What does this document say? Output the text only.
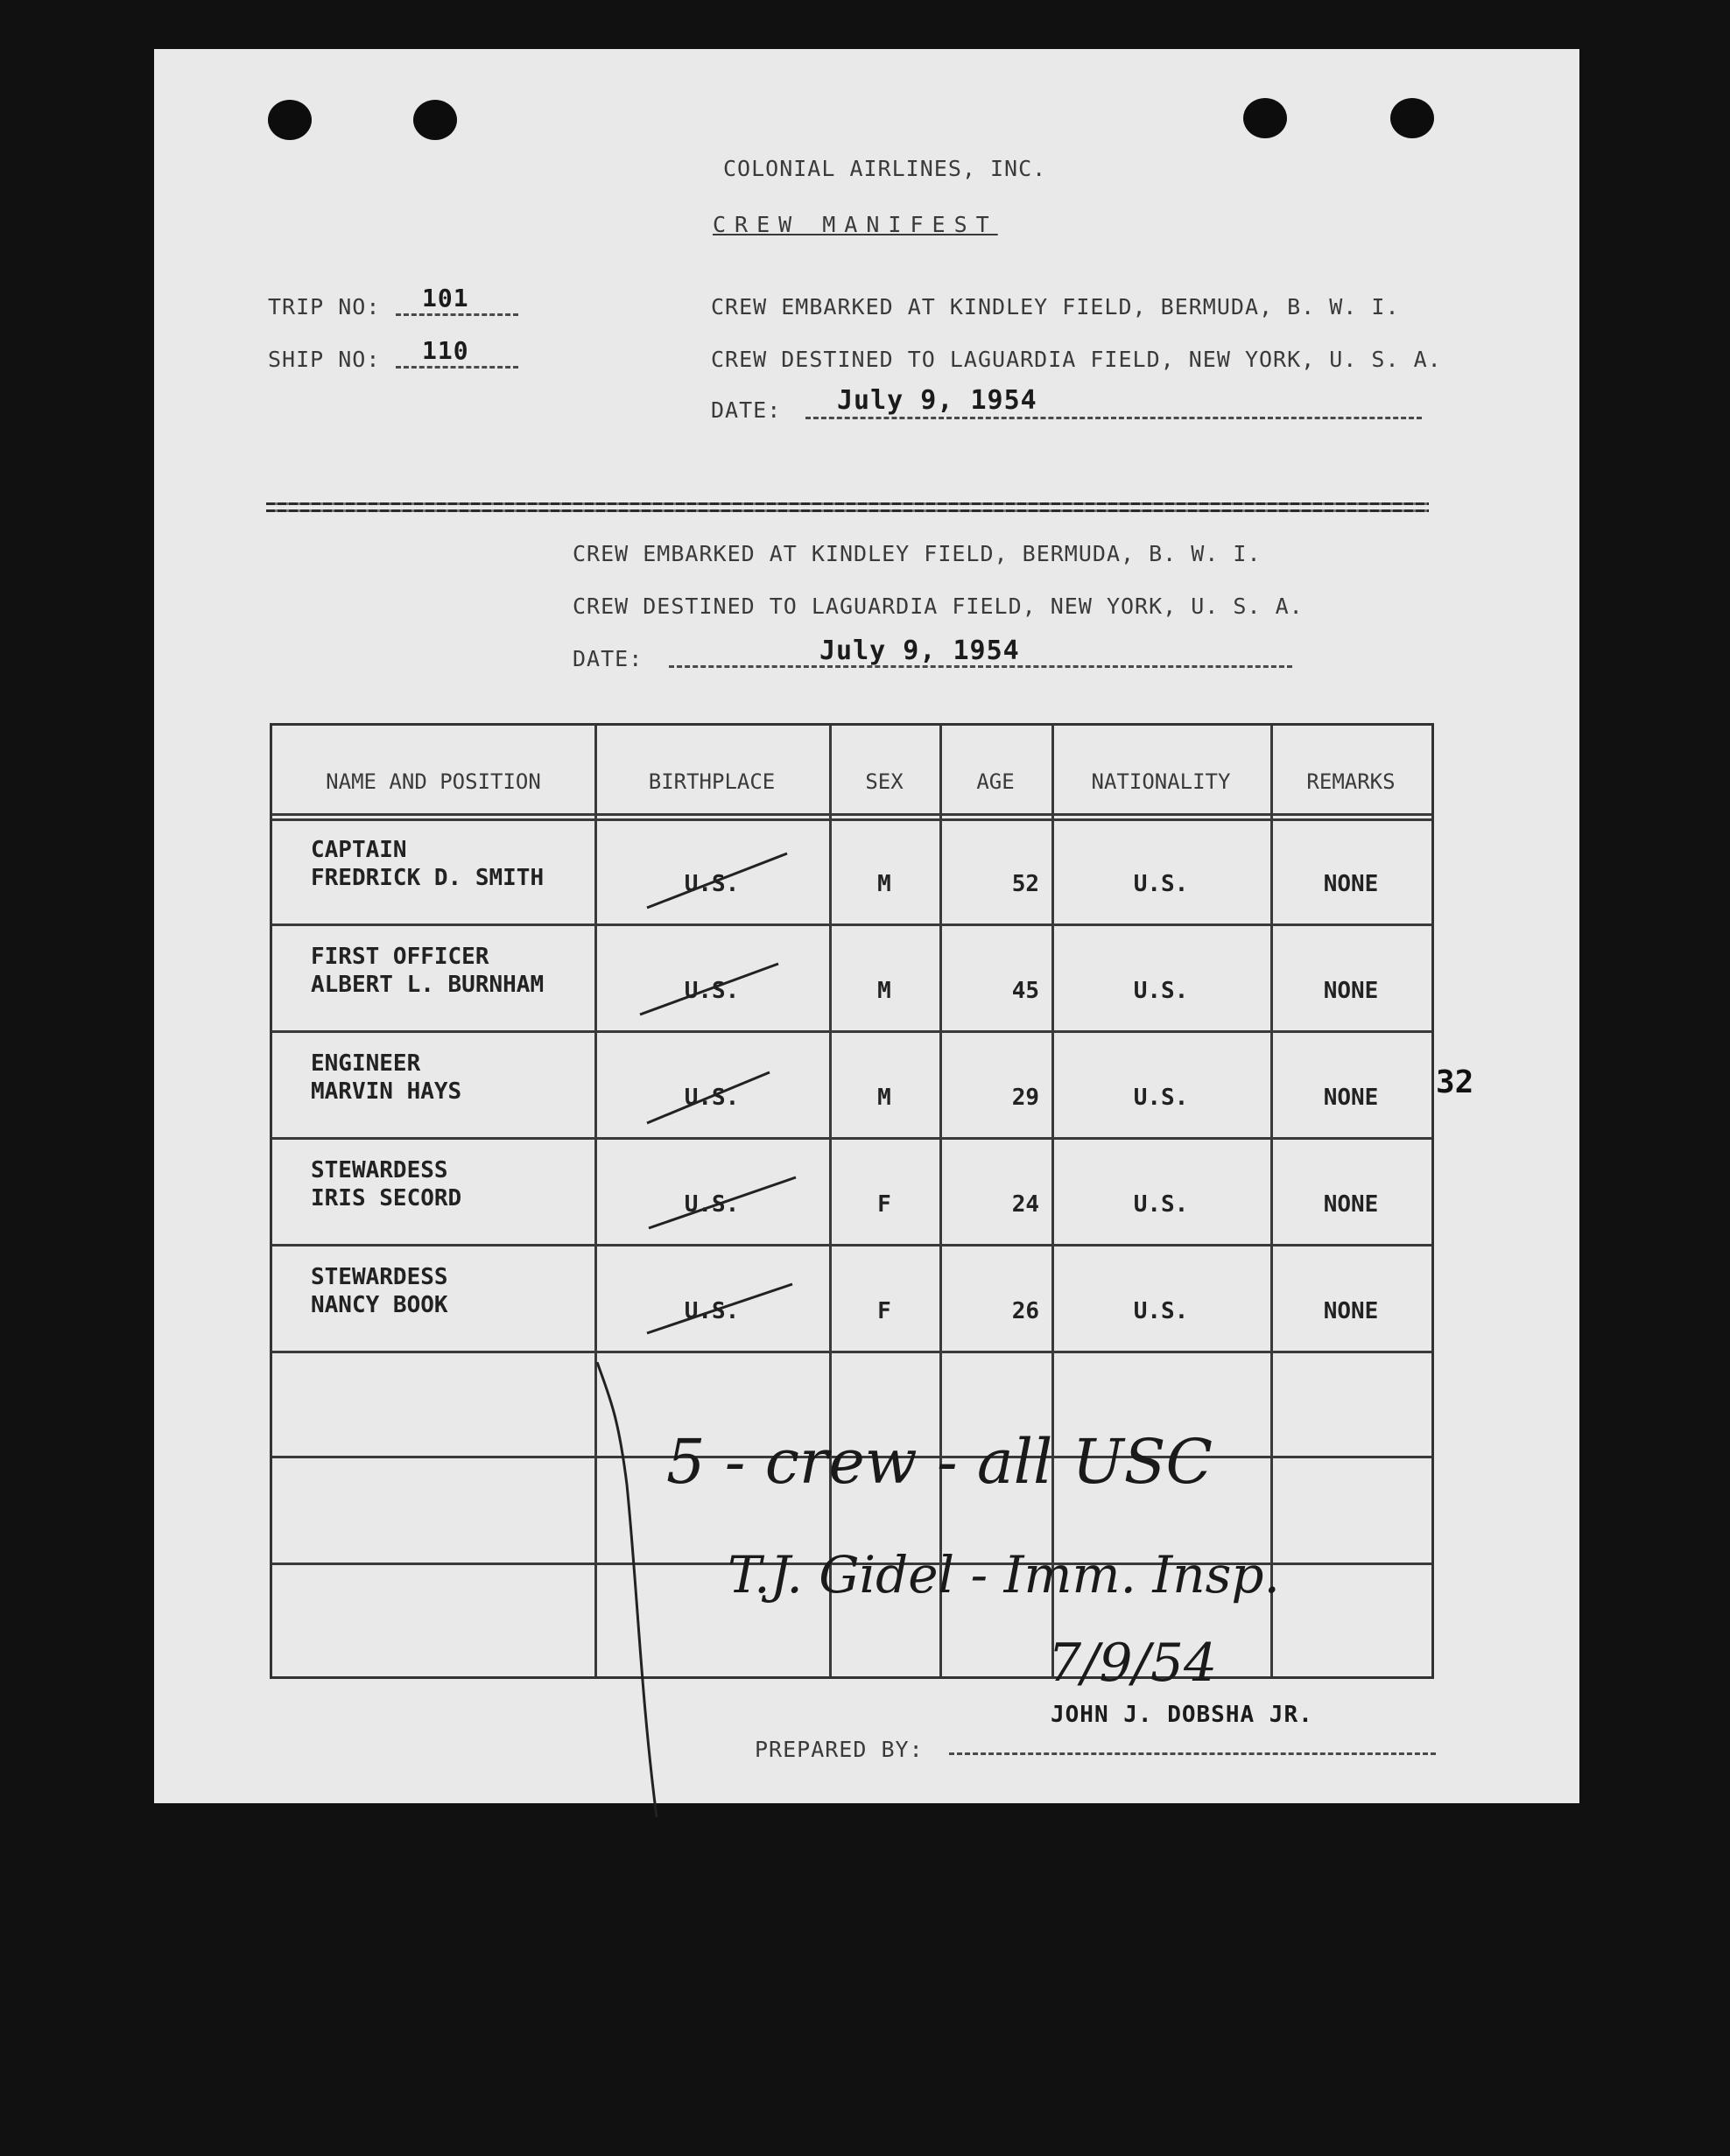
COLONIAL AIRLINES, INC.
CREW MANIFEST
TRIP NO: 101
SHIP NO: 110
CREW EMBARKED AT KINDLEY FIELD, BERMUDA, B. W. I.
CREW DESTINED TO LAGUARDIA FIELD, NEW YORK, U. S. A.
DATE: July 9, 1954
CREW EMBARKED AT KINDLEY FIELD, BERMUDA, B. W. I.
CREW DESTINED TO LAGUARDIA FIELD, NEW YORK, U. S. A.
DATE:	July 9, 1954
NAME AND POSITION	BIRTHPLACE	SEX	AGE	NATIONALITY	REMARKS
CAPTAIN
FREDRICK D. SMITH	U.S.	M	52	U.S.	NONE
FIRST OFFICER
ALBERT L. BURNHAM	U.S.	M	45	U.S.	NONE
ENGINEER
MARVIN HAYS	U.S.	M	29	U.S.	NONE
STEWARDESS
IRIS SECORD	U.S.	F	24	U.S.	NONE
STEWARDESS
NANCY BOOK	U.S.	F	26	U.S.	NONE
5 - crew - all USC
T.J. Gidel - Imm. Insp.
7/9/54
JOHN J. DOBSHA JR.
PREPARED BY:
32
